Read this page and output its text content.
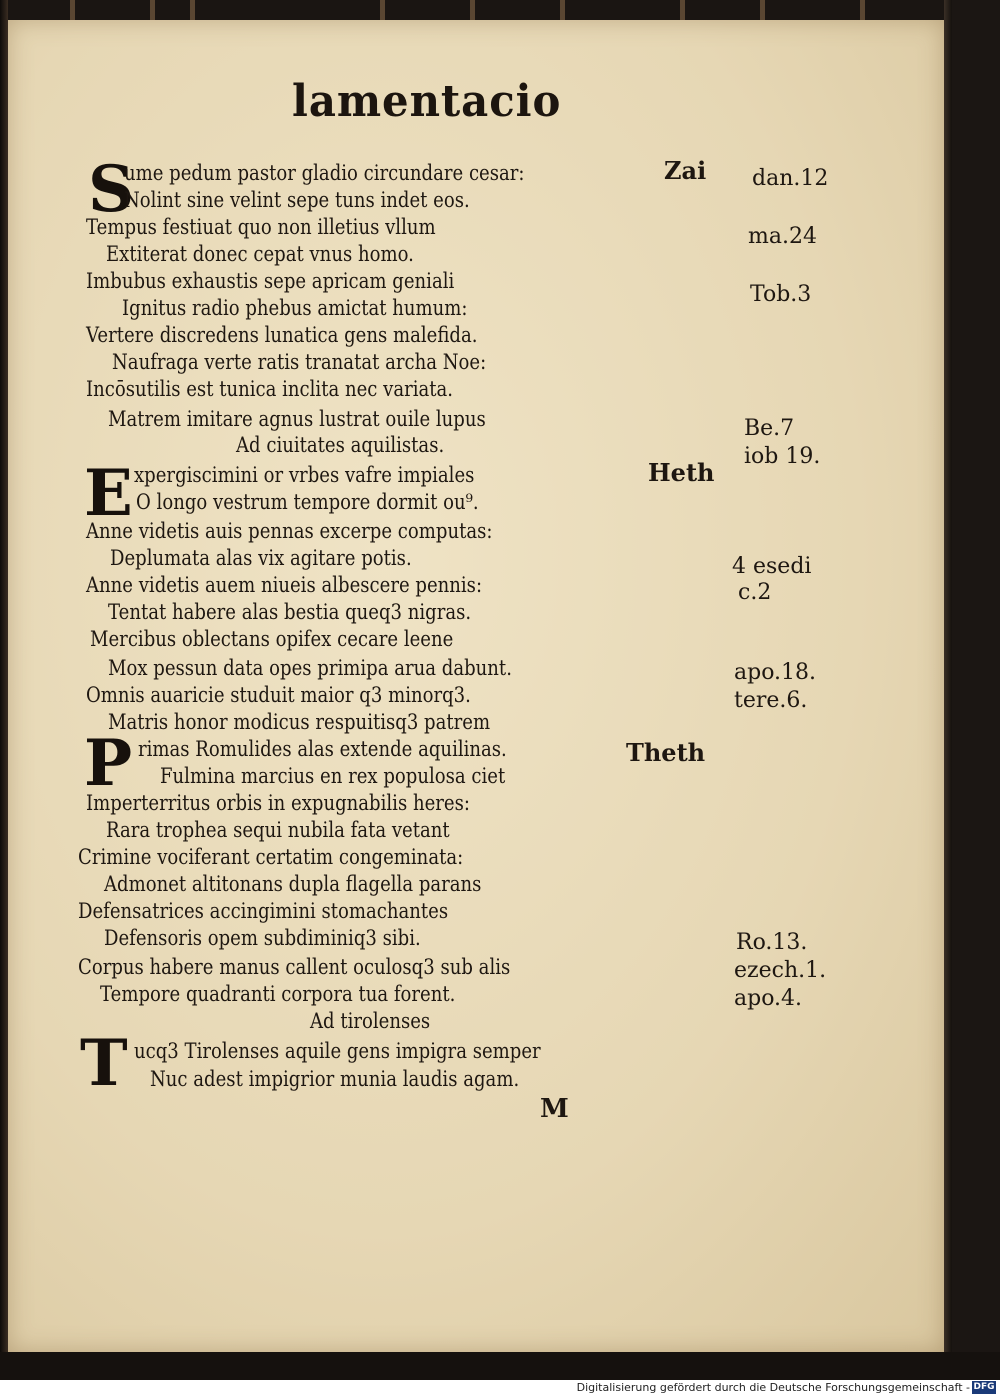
lamentacio
S
E
P
T
ume pedum pastor gladio circundare cesar:
Nolint sine velint sepe tuns indet eos.
Tempus festiuat quo non illetius vllum
Extiterat donec cepat vnus homo.
Imbubus exhaustis sepe apricam geniali
Ignitus radio phebus amictat humum:
Vertere discredens lunatica gens malefida.
Naufraga verte ratis tranatat archa Noe:
Incōsutilis est tunica inclita nec variata.
Matrem imitare agnus lustrat ouile lupus
Ad ciuitates aquilistas.
xpergiscimini or vrbes vafre impiales
O longo vestrum tempore dormit ou⁹.
Anne videtis auis pennas excerpe computas:
Deplumata alas vix agitare potis.
Anne videtis auem niueis albescere pennis:
Tentat habere alas bestia queq3 nigras.
Mercibus oblectans opifex cecare leene
Mox pessun data opes primipa arua dabunt.
Omnis auaricie studuit maior q3 minorq3.
Matris honor modicus respuitisq3 patrem
rimas Romulides alas extende aquilinas.
Fulmina marcius en rex populosa ciet
Imperterritus orbis in expugnabilis heres:
Rara trophea sequi nubila fata vetant
Crimine vociferant certatim congeminata:
Admonet altitonans dupla flagella parans
Defensatrices accingimini stomachantes
Defensoris opem subdiminiq3 sibi.
Corpus habere manus callent oculosq3 sub alis
Tempore quadranti corpora tua forent.
Ad tirolenses
ucq3 Tirolenses aquile gens impigra semper
Nuc adest impigrior munia laudis agam.
M
Zai
Heth
Theth
dan.12
ma.24
Tob.3
Be.7
iob 19.
4 esedi
c.2
apo.18.
tere.6.
Ro.13.
ezech.1.
apo.4.
Digitalisierung gefördert durch die Deutsche Forschungsgemeinschaft - DFG
